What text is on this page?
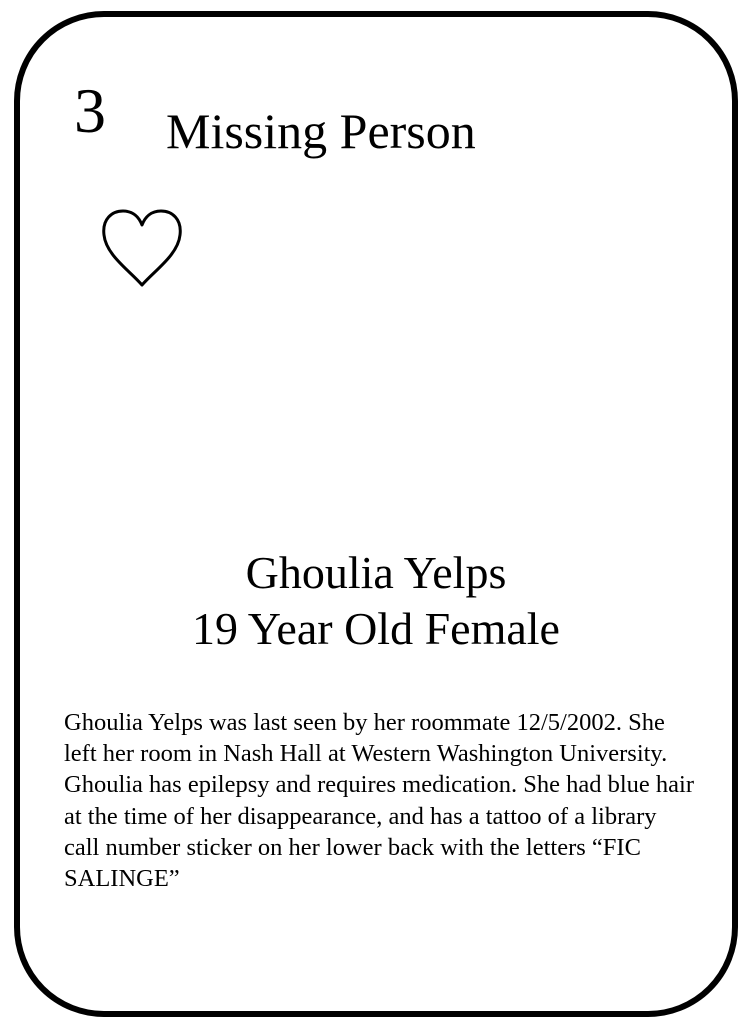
3 Missing Person
Ghoulia Yelps
19 Year Old Female
Ghoulia Yelps was last seen by her roommate 12/5/2002. She left her room in Nash Hall at Western Washington University. Ghoulia has epilepsy and requires medication. She had blue hair at the time of her disappearance, and has a tattoo of a library call number sticker on her lower back with the letters “FIC SALINGE”
